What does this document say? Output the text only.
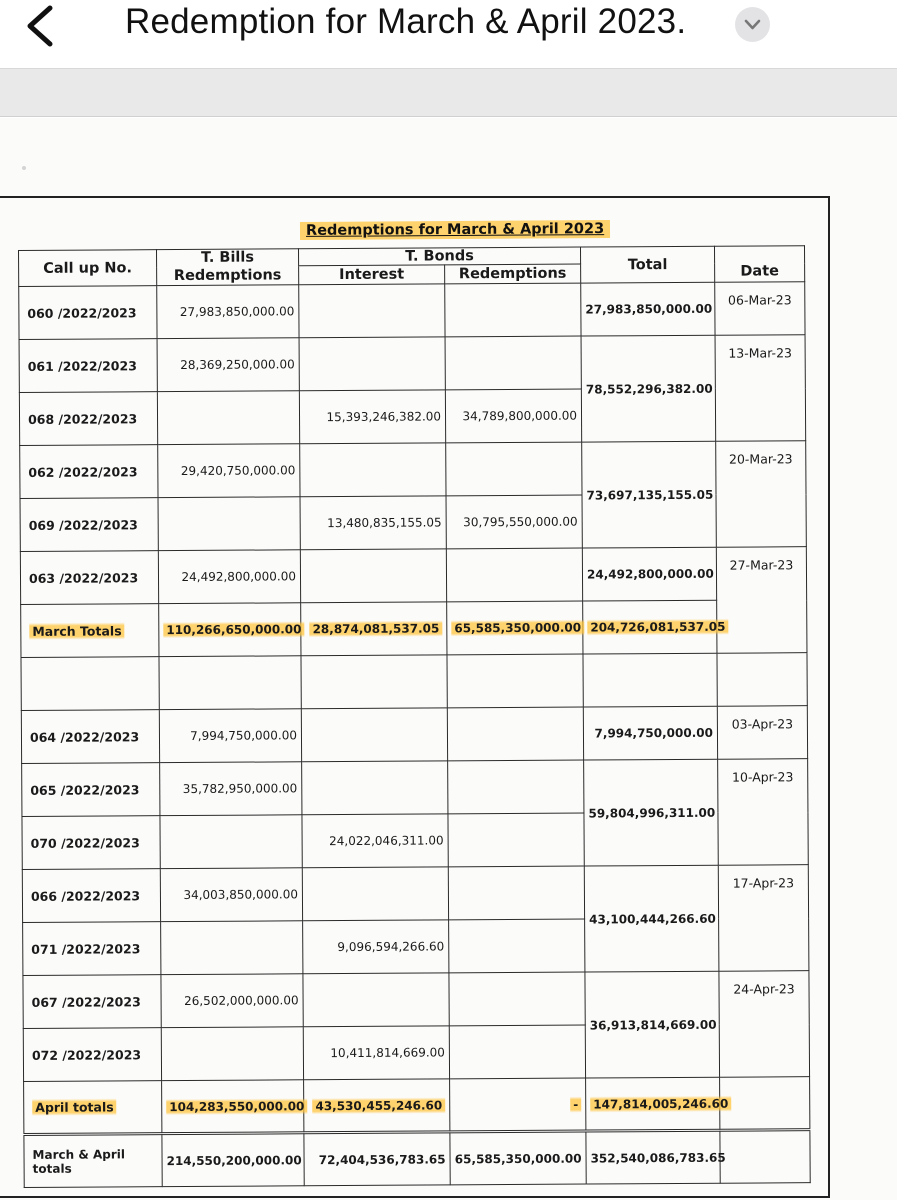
Redemption for March & April 2023.
Redemptions for March & April 2023
Call up No.	T. Bills	T. Bonds		Total	Date
	Redemptions	Interest	Redemptions		
060 /2022/2023	27,983,850,000.00			27,983,850,000.00	06-Mar-23
061 /2022/2023	28,369,250,000.00			78,552,296,382.00	13-Mar-23
068 /2022/2023		15,393,246,382.00	34,789,800,000.00		
062 /2022/2023	29,420,750,000.00			73,697,135,155.05	20-Mar-23
069 /2022/2023		13,480,835,155.05	30,795,550,000.00		
063 /2022/2023	24,492,800,000.00			24,492,800,000.00	27-Mar-23
March Totals	110,266,650,000.00	28,874,081,537.05	65,585,350,000.00	204,726,081,537.05	

064 /2022/2023	7,994,750,000.00			7,994,750,000.00	03-Apr-23
065 /2022/2023	35,782,950,000.00			59,804,996,311.00	10-Apr-23
070 /2022/2023		24,022,046,311.00			
066 /2022/2023	34,003,850,000.00			43,100,444,266.60	17-Apr-23
071 /2022/2023		9,096,594,266.60			
067 /2022/2023	26,502,000,000.00			36,913,814,669.00	24-Apr-23
072 /2022/2023		10,411,814,669.00			
April totals	104,283,550,000.00	43,530,455,246.60	-	147,814,005,246.60	
March & April totals	214,550,200,000.00	72,404,536,783.65	65,585,350,000.00	352,540,086,783.65	
